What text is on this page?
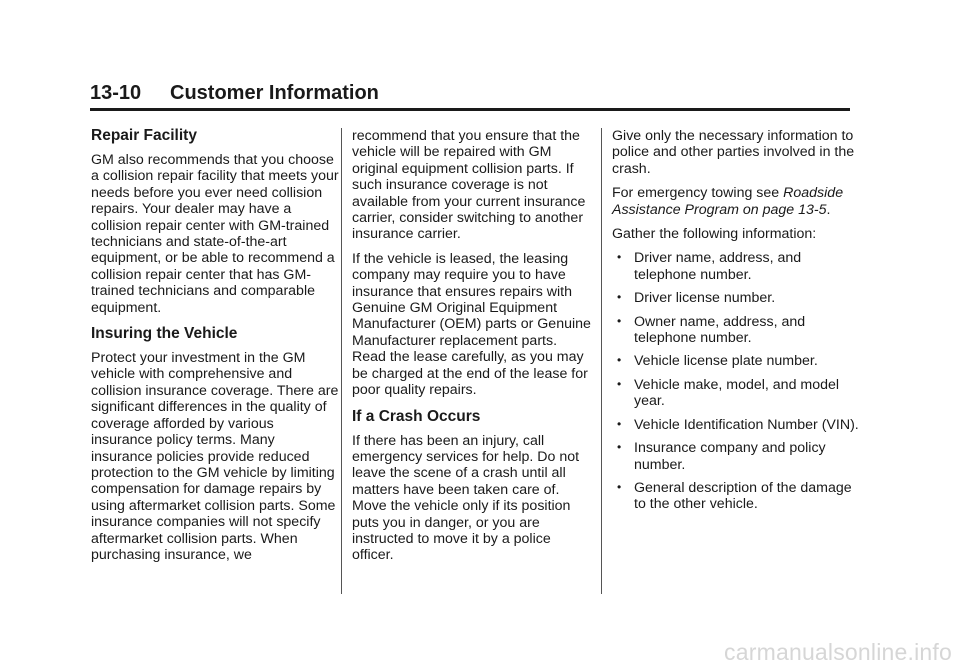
13-10 Customer Information
Repair Facility

GM also recommends that you choose a collision repair facility that meets your needs before you ever need collision repairs. Your dealer may have a collision repair center with GM-trained technicians and state-of-the-art equipment, or be able to recommend a collision repair center that has GM-trained technicians and comparable equipment.

Insuring the Vehicle

Protect your investment in the GM vehicle with comprehensive and collision insurance coverage. There are significant differences in the quality of coverage afforded by various insurance policy terms. Many insurance policies provide reduced protection to the GM vehicle by limiting compensation for damage repairs by using aftermarket collision parts. Some insurance companies will not specify aftermarket collision parts. When purchasing insurance, we

recommend that you ensure that the vehicle will be repaired with GM original equipment collision parts. If such insurance coverage is not available from your current insurance carrier, consider switching to another insurance carrier.

If the vehicle is leased, the leasing company may require you to have insurance that ensures repairs with Genuine GM Original Equipment Manufacturer (OEM) parts or Genuine Manufacturer replacement parts. Read the lease carefully, as you may be charged at the end of the lease for poor quality repairs.

If a Crash Occurs

If there has been an injury, call emergency services for help. Do not leave the scene of a crash until all matters have been taken care of. Move the vehicle only if its position puts you in danger, or you are instructed to move it by a police officer.

Give only the necessary information to police and other parties involved in the crash.

For emergency towing see Roadside Assistance Program on page 13-5.

Gather the following information:

• Driver name, address, and telephone number.
• Driver license number.
• Owner name, address, and telephone number.
• Vehicle license plate number.
• Vehicle make, model, and model year.
• Vehicle Identification Number (VIN).
• Insurance company and policy number.
• General description of the damage to the other vehicle.
carmanualsonline.info
